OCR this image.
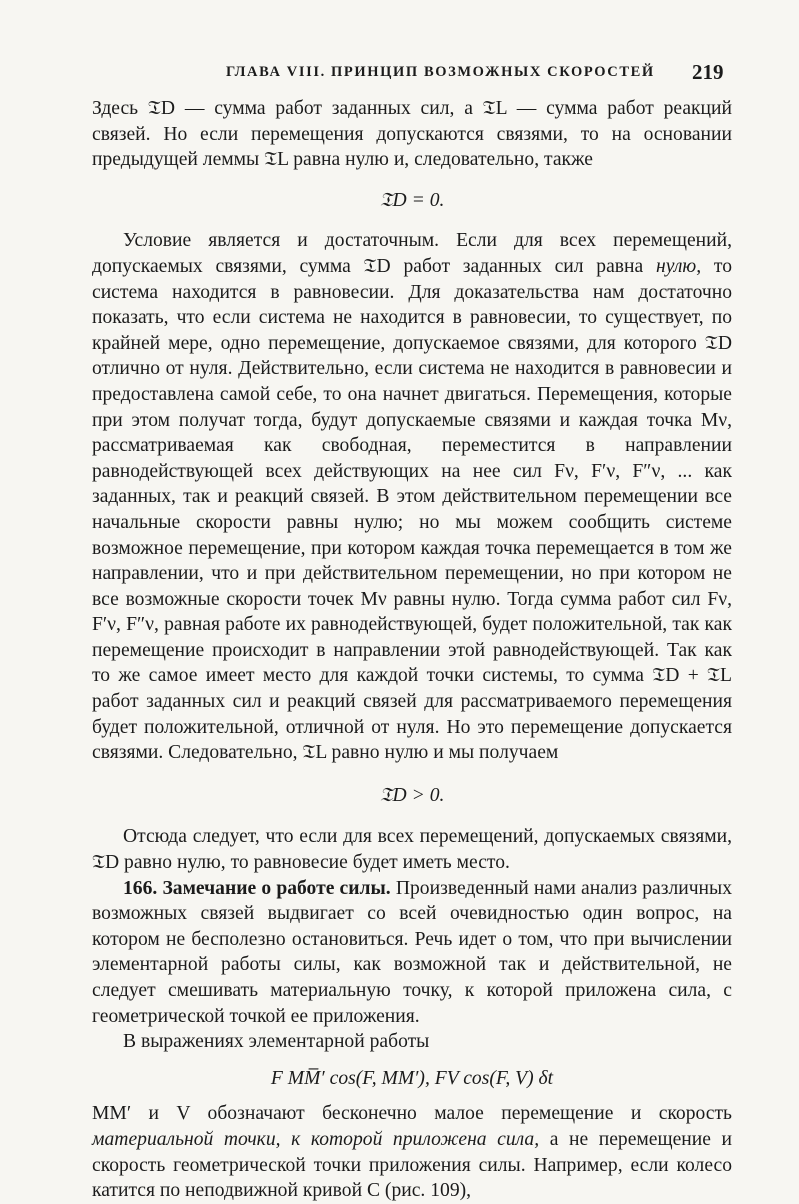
ГЛАВА VIII. ПРИНЦИП ВОЗМОЖНЫХ СКОРОСТЕЙ 219

Здесь 𝔗D — сумма работ заданных сил, а 𝔗L — сумма работ реакций связей. Но если перемещения допускаются связями, то на основании предыдущей леммы 𝔗L равна нулю и, следовательно, также

𝔗D = 0.

Условие является и достаточным. Если для всех перемещений, допускаемых связями, сумма 𝔗D работ заданных сил равна нулю, то система находится в равновесии. Для доказательства нам достаточно показать, что если система не находится в равновесии, то существует, по крайней мере, одно перемещение, допускаемое связями, для которого 𝔗D отлично от нуля. Действительно, если система не находится в равновесии и предоставлена самой себе, то она начнет двигаться. Перемещения, которые при этом получат тогда, будут допускаемые связями и каждая точка Mν, рассматриваемая как свободная, переместится в направлении равнодействующей всех действующих на нее сил Fν, F′ν, F″ν, ... как заданных, так и реакций связей. В этом действительном перемещении все начальные скорости равны нулю; но мы можем сообщить системе возможное перемещение, при котором каждая точка перемещается в том же направлении, что и при действительном перемещении, но при котором не все возможные скорости точек Mν равны нулю. Тогда сумма работ сил Fν, F′ν, F″ν, равная работе их равнодействующей, будет положительной, так как перемещение происходит в направлении этой равнодействующей. Так как то же самое имеет место для каждой точки системы, то сумма 𝔗D + 𝔗L работ заданных сил и реакций связей для рассматриваемого перемещения будет положительной, отличной от нуля. Но это перемещение допускается связями. Следовательно, 𝔗L равно нулю и мы получаем

𝔗D > 0.

Отсюда следует, что если для всех перемещений, допускаемых связями, 𝔗D равно нулю, то равновесие будет иметь место.

166. Замечание о работе силы. Произведенный нами анализ различных возможных связей выдвигает со всей очевидностью один вопрос, на котором не бесполезно остановиться. Речь идет о том, что при вычислении элементарной работы силы, как возможной так и действительной, не следует смешивать материальную точку, к которой приложена сила, с геометрической точкой ее приложения.

В выражениях элементарной работы

F MM̅′ cos(F, MM′), FV cos(F, V) δt

MM′ и V обозначают бесконечно малое перемещение и скорость материальной точки, к которой приложена сила, а не перемещение и скорость геометрической точки приложения силы. Например, если колесо катится по неподвижной кривой C (рис. 109),
